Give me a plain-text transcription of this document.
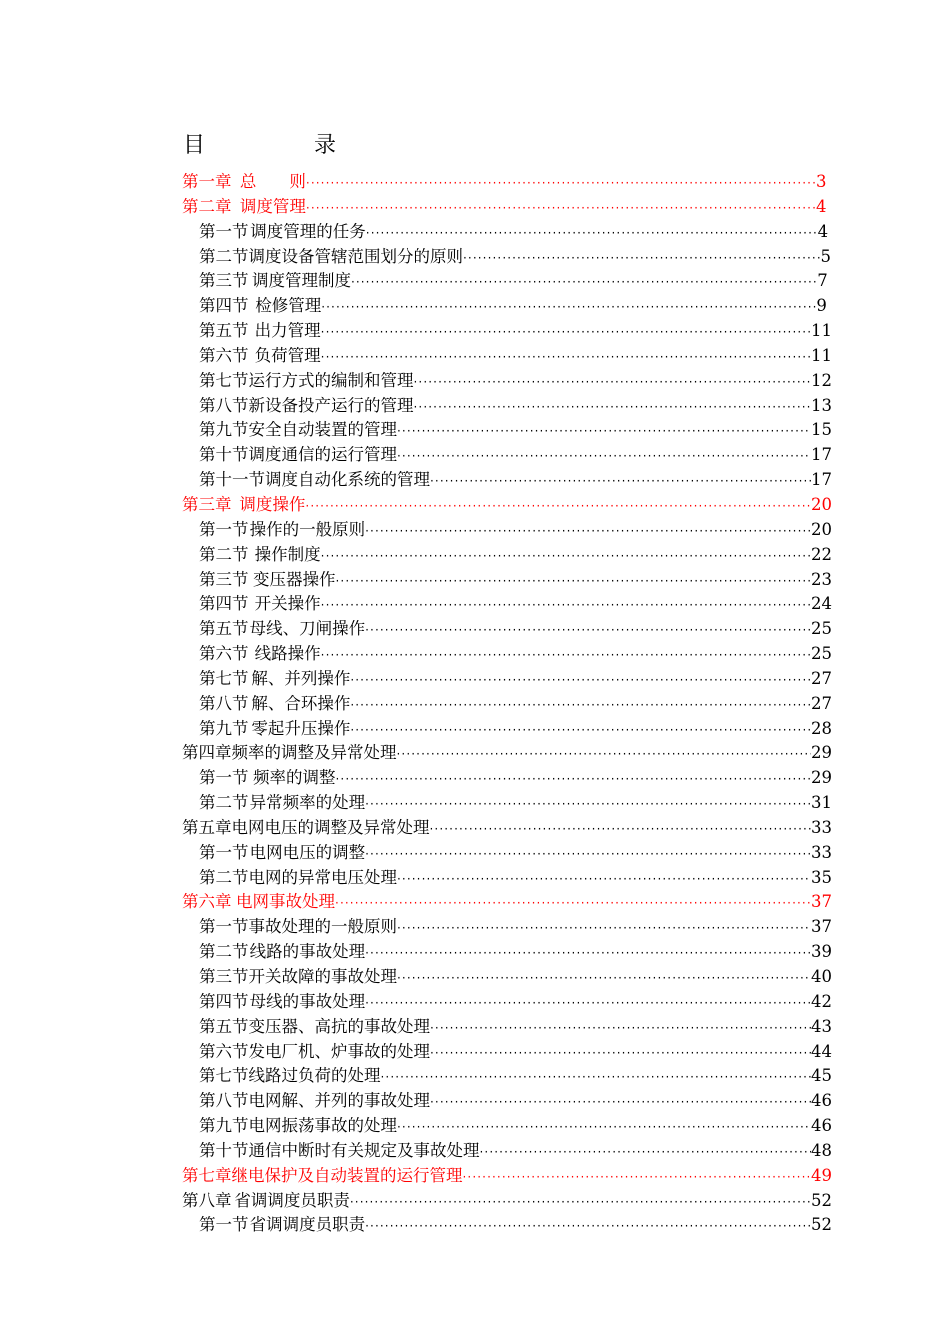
目	录
第一章 总　　则 ·····	3
第二章 调度管理 ·····	4
第一节 调度管理的任务 ·····	4
第二节 调度设备管辖范围划分的原则 ·····	5
第三节 调度管理制度 ·····	7
第四节 检修管理 ·····	9
第五节 出力管理 ·····	11
第六节 负荷管理 ·····	11
第七节 运行方式的编制和管理 ·····	12
第八节 新设备投产运行的管理 ·····	13
第九节 安全自动装置的管理 ·····	15
第十节 调度通信的运行管理 ·····	17
第十一节 调度自动化系统的管理 ·····	17
第三章 调度操作 ·····	20
第一节 操作的一般原则 ·····	20
第二节 操作制度 ·····	22
第三节 变压器操作 ·····	23
第四节 开关操作 ·····	24
第五节 母线、刀闸操作 ·····	25
第六节 线路操作 ·····	25
第七节 解、并列操作 ·····	27
第八节 解、合环操作 ·····	27
第九节 零起升压操作 ·····	28
第四章 频率的调整及异常处理 ·····	29
第一节 频率的调整 ·····	29
第二节 异常频率的处理 ·····	31
第五章 电网电压的调整及异常处理 ·····	33
第一节 电网电压的调整 ·····	33
第二节 电网的异常电压处理 ·····	35
第六章 电网事故处理 ·····	37
第一节 事故处理的一般原则 ·····	37
第二节 线路的事故处理 ·····	39
第三节 开关故障的事故处理 ·····	40
第四节 母线的事故处理 ·····	42
第五节 变压器、高抗的事故处理 ·····	43
第六节 发电厂机、炉事故的处理 ·····	44
第七节 线路过负荷的处理 ·····	45
第八节 电网解、并列的事故处理 ·····	46
第九节 电网振荡事故的处理 ·····	46
第十节 通信中断时有关规定及事故处理 ·····	48
第七章 继电保护及自动装置的运行管理 ·····	49
第八章 省调调度员职责 ·····	52
第一节 省调调度员职责 ·····	52
